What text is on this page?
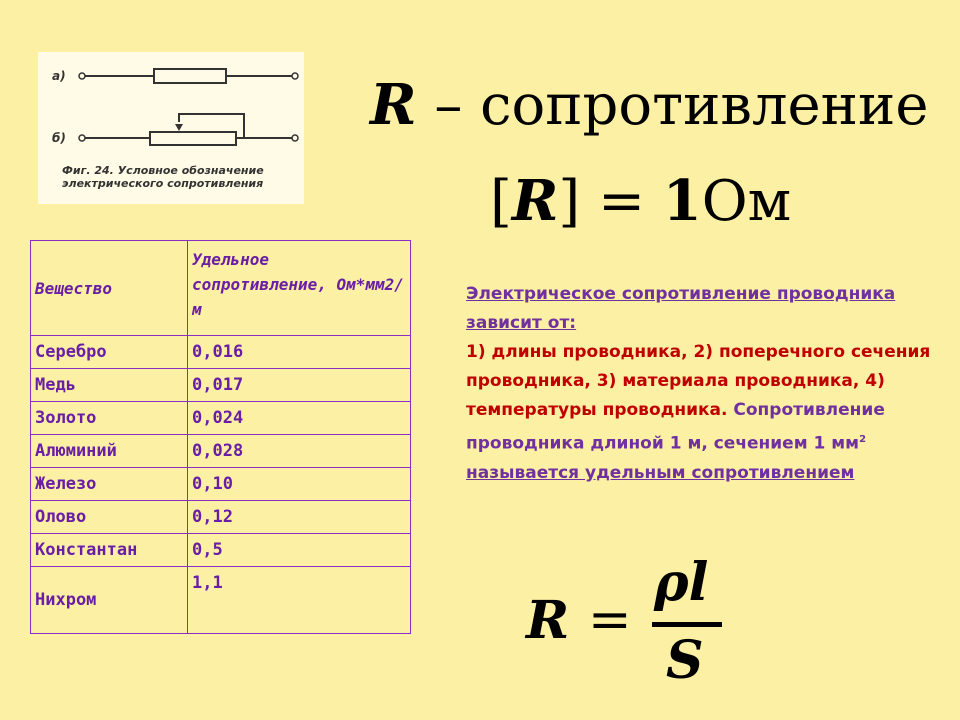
а)
б)
Фиг. 24. Условное обозначение
электрического сопротивления
R – сопротивление
[R] = 1Ом
Вещество	Удельное сопротивление, Ом*мм2/м
Серебро	0,016
Медь	0,017
Золото	0,024
Алюминий	0,028
Железо	0,10
Олово	0,12
Константан	0,5
Нихром	1,1
Электрическое сопротивление проводника зависит от:
1) длины проводника, 2) поперечного сечения проводника, 3) материала проводника, 4) температуры проводника. Сопротивление проводника длиной 1 м, сечением 1 $мм^2$ называется удельным сопротивлением
R =
ρl
S
